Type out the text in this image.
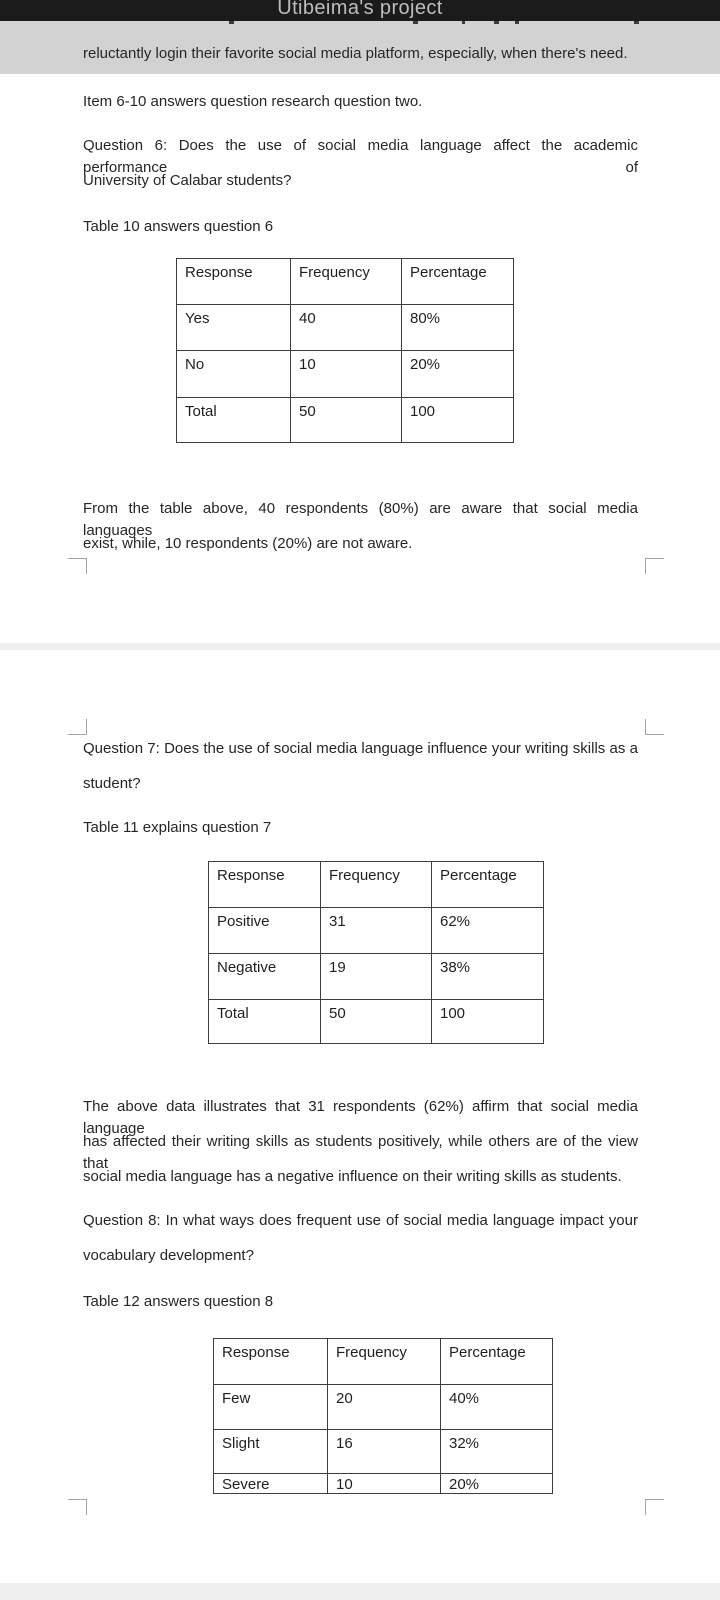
Utibeima's project
reluctantly login their favorite social media platform, especially, when there's need.
Item 6-10 answers question research question two.
Question 6: Does the use of social media language affect the academic performance of
University of Calabar students?
Table 10 answers question 6
Response	Frequency	Percentage
Yes	40	80%
No	10	20%
Total	50	100
From the table above, 40 respondents (80%) are aware that social media languages
exist, while, 10 respondents (20%) are not aware.
Question 7: Does the use of social media language influence your writing skills as a
student?
Table 11 explains question 7
Response	Frequency	Percentage
Positive	31	62%
Negative	19	38%
Total	50	100
The above data illustrates that 31 respondents (62%) affirm that social media language
has affected their writing skills as students positively, while others are of the view that
social media language has a negative influence on their writing skills as students.
Question 8: In what ways does frequent use of social media language impact your
vocabulary development?
Table 12 answers question 8
Response	Frequency	Percentage
Few	20	40%
Slight	16	32%
Severe	10	20%
